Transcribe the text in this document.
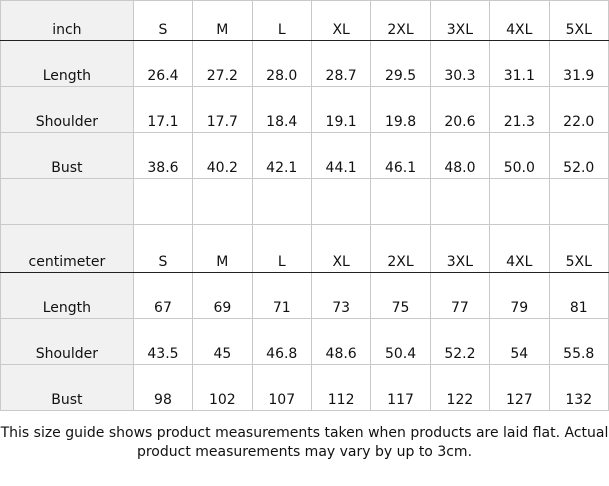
inch	S	M	L	XL	2XL	3XL	4XL	5XL
Length	26.4	27.2	28.0	28.7	29.5	30.3	31.1	31.9
Shoulder	17.1	17.7	18.4	19.1	19.8	20.6	21.3	22.0
Bust	38.6	40.2	42.1	44.1	46.1	48.0	50.0	52.0

centimeter	S	M	L	XL	2XL	3XL	4XL	5XL
Length	67	69	71	73	75	77	79	81
Shoulder	43.5	45	46.8	48.6	50.4	52.2	54	55.8
Bust	98	102	107	112	117	122	127	132
This size guide shows product measurements taken when products are laid flat. Actual
product measurements may vary by up to 3cm.
